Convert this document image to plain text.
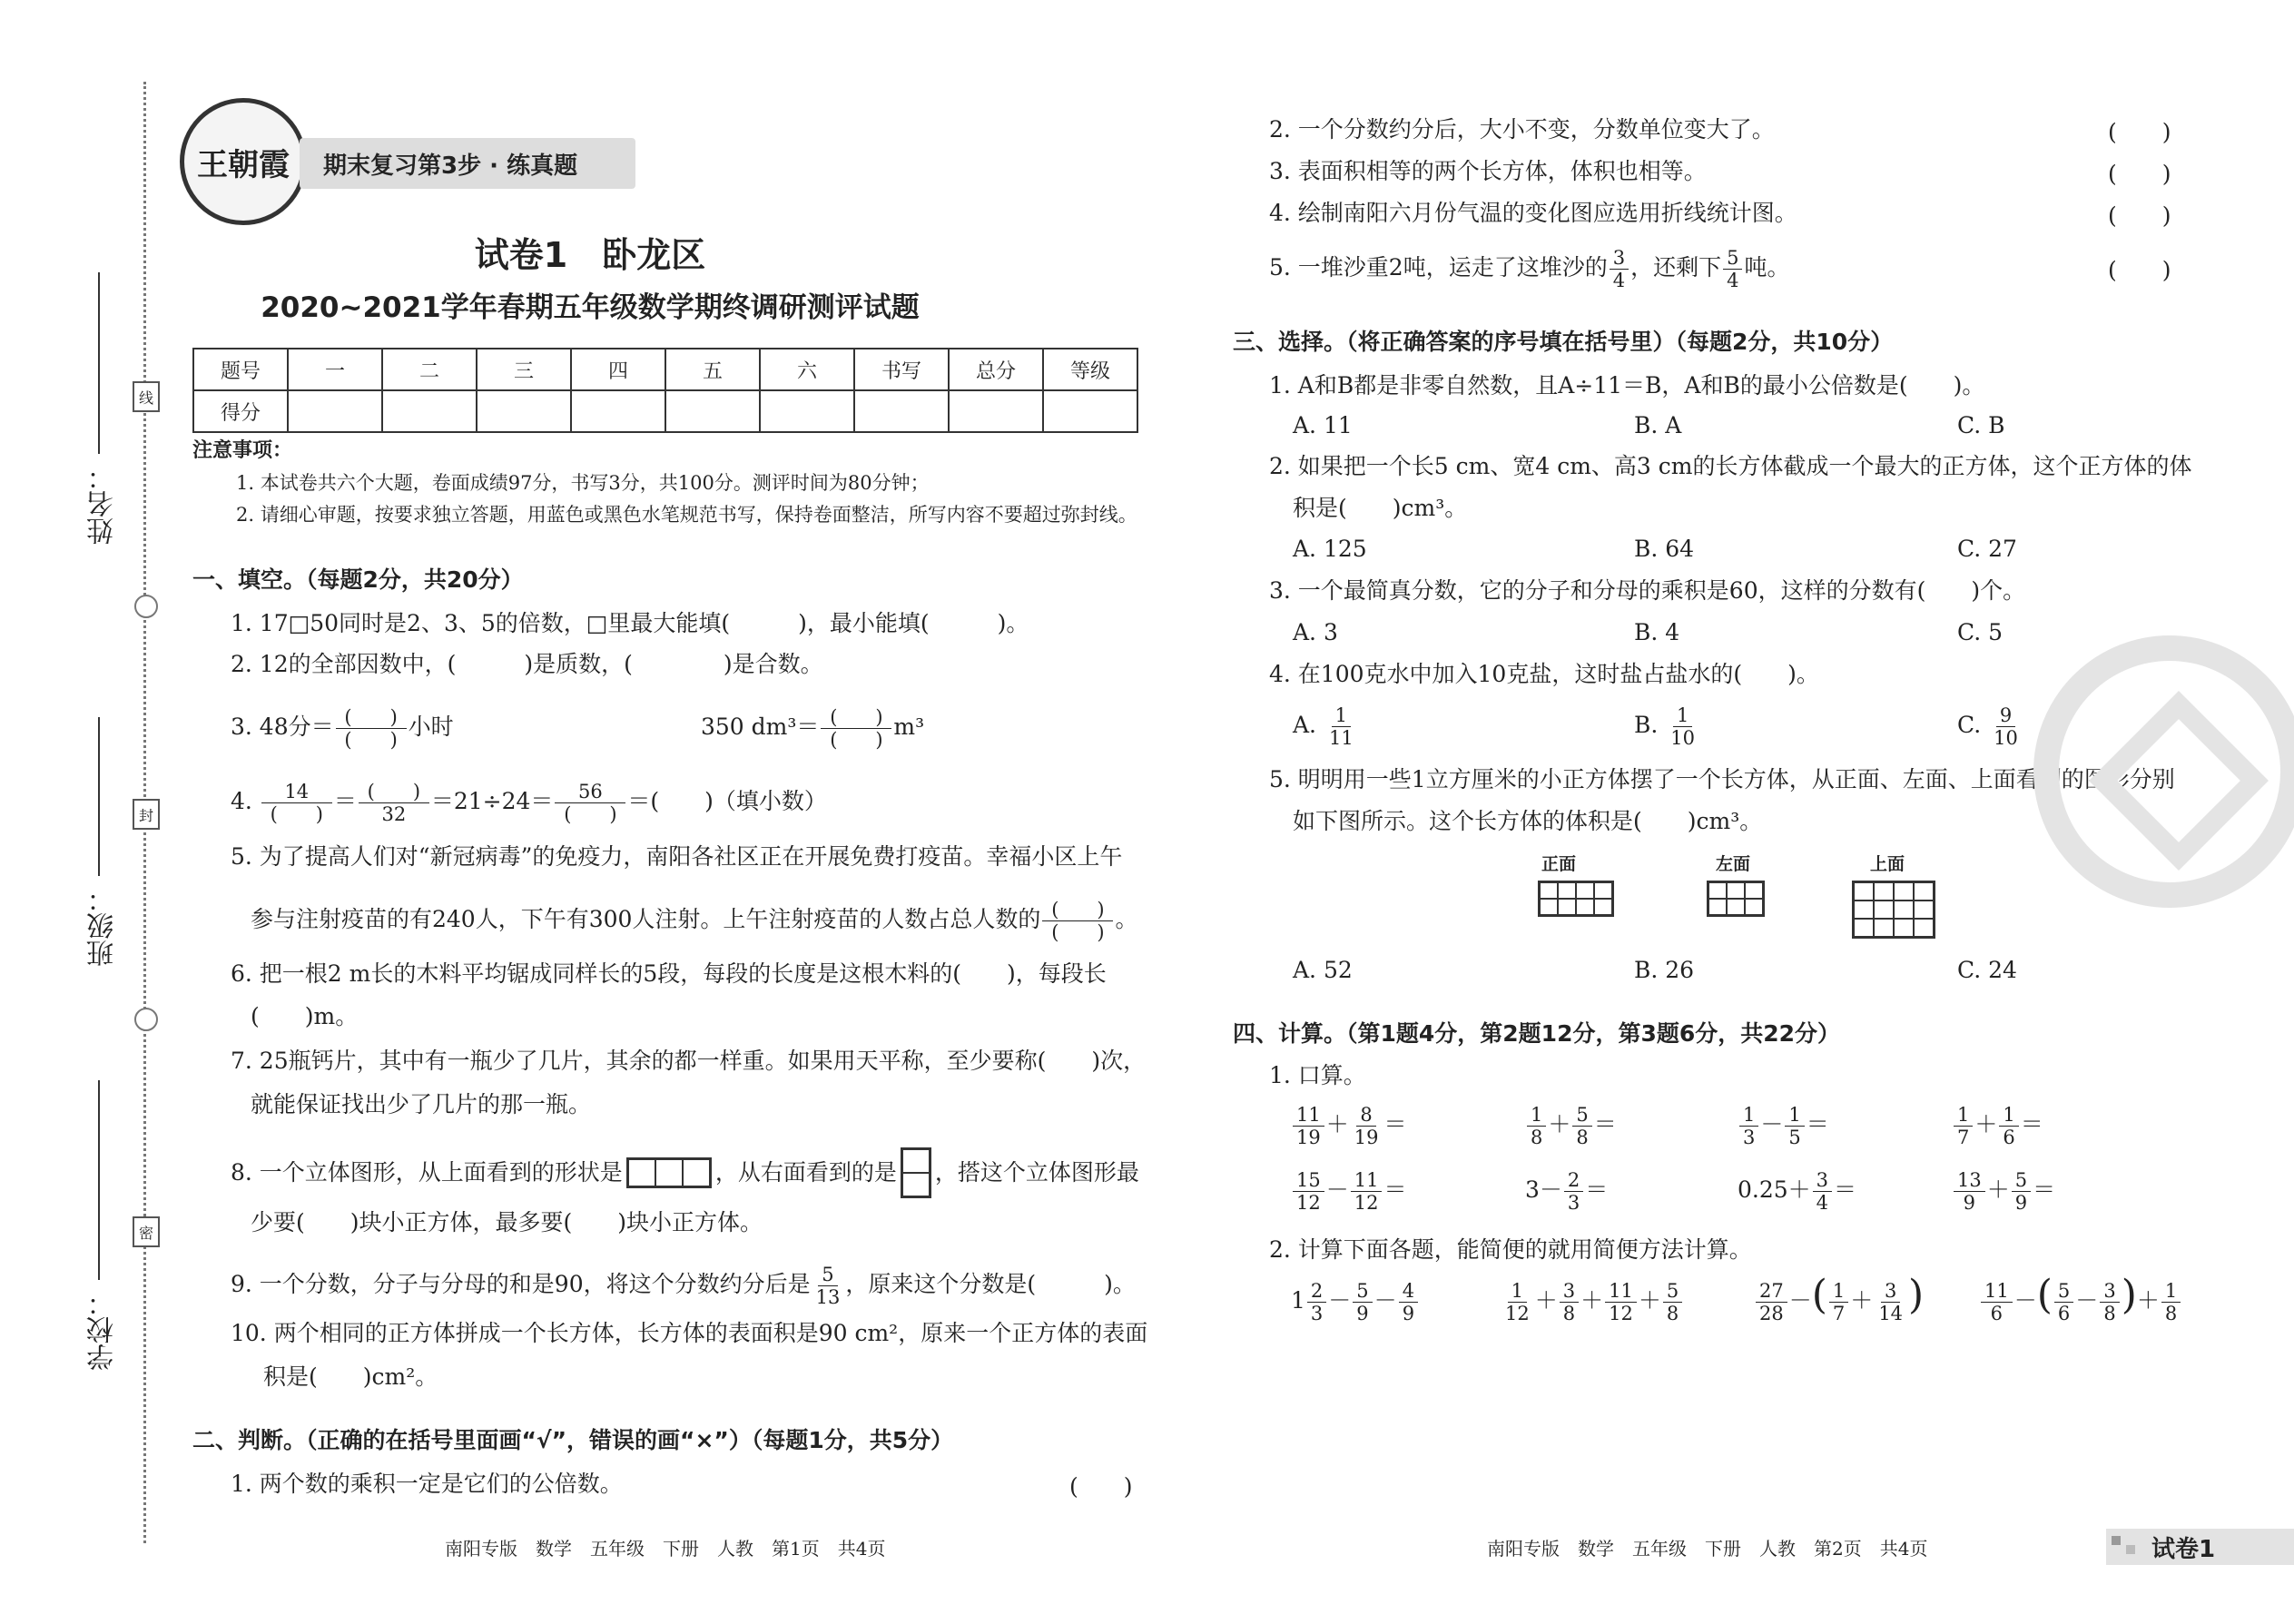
姓名：
班级：
学校：
线
封
密
王朝霞	期末复习第3步 · 练真题
试卷1　卧龙区
2020~2021学年春期五年级数学期终调研测评试题
题号	一	二	三	四	五	六	书写	总分	等级
得分									
注意事项：
1. 本试卷共六个大题，卷面成绩97分，书写3分，共100分。测评时间为80分钟；
2. 请细心审题，按要求独立答题，用蓝色或黑色水笔规范书写，保持卷面整洁，所写内容不要超过弥封线。
一、填空。（每题2分，共20分）
1. 17□50同时是2、3、5的倍数，□里最大能填(　　　)，最小能填(　　　)。
2. 12的全部因数中，(　　　)是质数，(　　　　)是合数。
3. 48分＝ $\frac{( )}{( )}$ 小时	350 $dm^3= \frac{( )}{( )} m^3$
4. $\frac{14}{( )} = \frac{( )}{32} =21\div 24= \frac{56}{( )}$ ＝(　　)（填小数）
5. 为了提高人们对“新冠病毒”的免疫力，南阳各社区正在开展免费打疫苗。幸福小区上午
参与注射疫苗的有240人，下午有300人注射。上午注射疫苗的人数占总人数的 $\frac{( )}{( )}$ 。
6. 把一根2 m长的木料平均锯成同样长的5段，每段的长度是这根木料的(　　)，每段长
(　　)m。
7. 25瓶钙片，其中有一瓶少了几片，其余的都一样重。如果用天平称，至少要称(　　)次，
就能保证找出少了几片的那一瓶。
8. 一个立体图形，从上面看到的形状是	，从右面看到的是 ，搭这个立体图形最
少要(　　)块小正方体，最多要(　　)块小正方体。
9. 一个分数，分子与分母的和是90，将这个分数约分后是 $\frac{5}{13}$ ，原来这个分数是(　　　)。
10. 两个相同的正方体拼成一个长方体，长方体的表面积是90 cm²，原来一个正方体的表面
积是(　　)cm²。
二、判断。（正确的在括号里面画“√”，错误的画“×”）（每题1分，共5分）
1. 两个数的乘积一定是它们的公倍数。	(　　)
南阳专版　数学　五年级　下册　人教　第1页　共4页
2. 一个分数约分后，大小不变，分数单位变大了。	(　　)
3. 表面积相等的两个长方体，体积也相等。	(　　)
4. 绘制南阳六月份气温的变化图应选用折线统计图。	(　　)
5. 一堆沙重2吨，运走了这堆沙的 $\frac{3}{4}$ ，还剩下 $\frac{5}{4}$ 吨。	(　　)
三、选择。（将正确答案的序号填在括号里）（每题2分，共10分）
1. A和B都是非零自然数，且A÷11＝B，A和B的最小公倍数是(　　)。
A. 11	B. A	C. B
2. 如果把一个长5 cm、宽4 cm、高3 cm的长方体截成一个最大的正方体，这个正方体的体
积是(　　)cm³。
A. 125	B. 64	C. 27
3. 一个最简真分数，它的分子和分母的乘积是60，这样的分数有(　　)个。
A. 3	B. 4	C. 5
4. 在100克水中加入10克盐，这时盐占盐水的(　　)。
A. $\frac{1}{11}$	B. $\frac{1}{10}$	C. $\frac{9}{10}$
5. 明明用一些1立方厘米的小正方体摆了一个长方体，从正面、左面、上面看到的图形分别
如下图所示。这个长方体的体积是(　　)cm³。
正面	左面	上面
A. 52	B. 26	C. 24
四、计算。（第1题4分，第2题12分，第3题6分，共22分）
1. 口算。
$\frac{11}{19} + \frac{8}{19}$ ＝	$\frac{1}{8} + \frac{5}{8}$ ＝	$\frac{1}{3} - \frac{1}{5}$ ＝	$\frac{1}{7} + \frac{1}{6}$ ＝
$\frac{15}{12} - \frac{11}{12}$ ＝	$3- \frac{2}{3}$ ＝	$0.25+ \frac{3}{4}$ ＝	$\frac{13}{9} + \frac{5}{9}$ ＝
2. 计算下面各题，能简便的就用简便方法计算。
$1 \frac{2}{3} - \frac{5}{9} - \frac{4}{9}$	$\frac{1}{12} + \frac{3}{8} + \frac{11}{12} + \frac{5}{8}$	$\frac{27}{28}$ －( $\frac{1}{7} + \frac{3}{14}$ )	$\frac{11}{6}$ －( $\frac{5}{6} - \frac{3}{8}$ )＋ $\frac{1}{8}$
南阳专版　数学　五年级　下册　人教　第2页　共4页	试卷1
